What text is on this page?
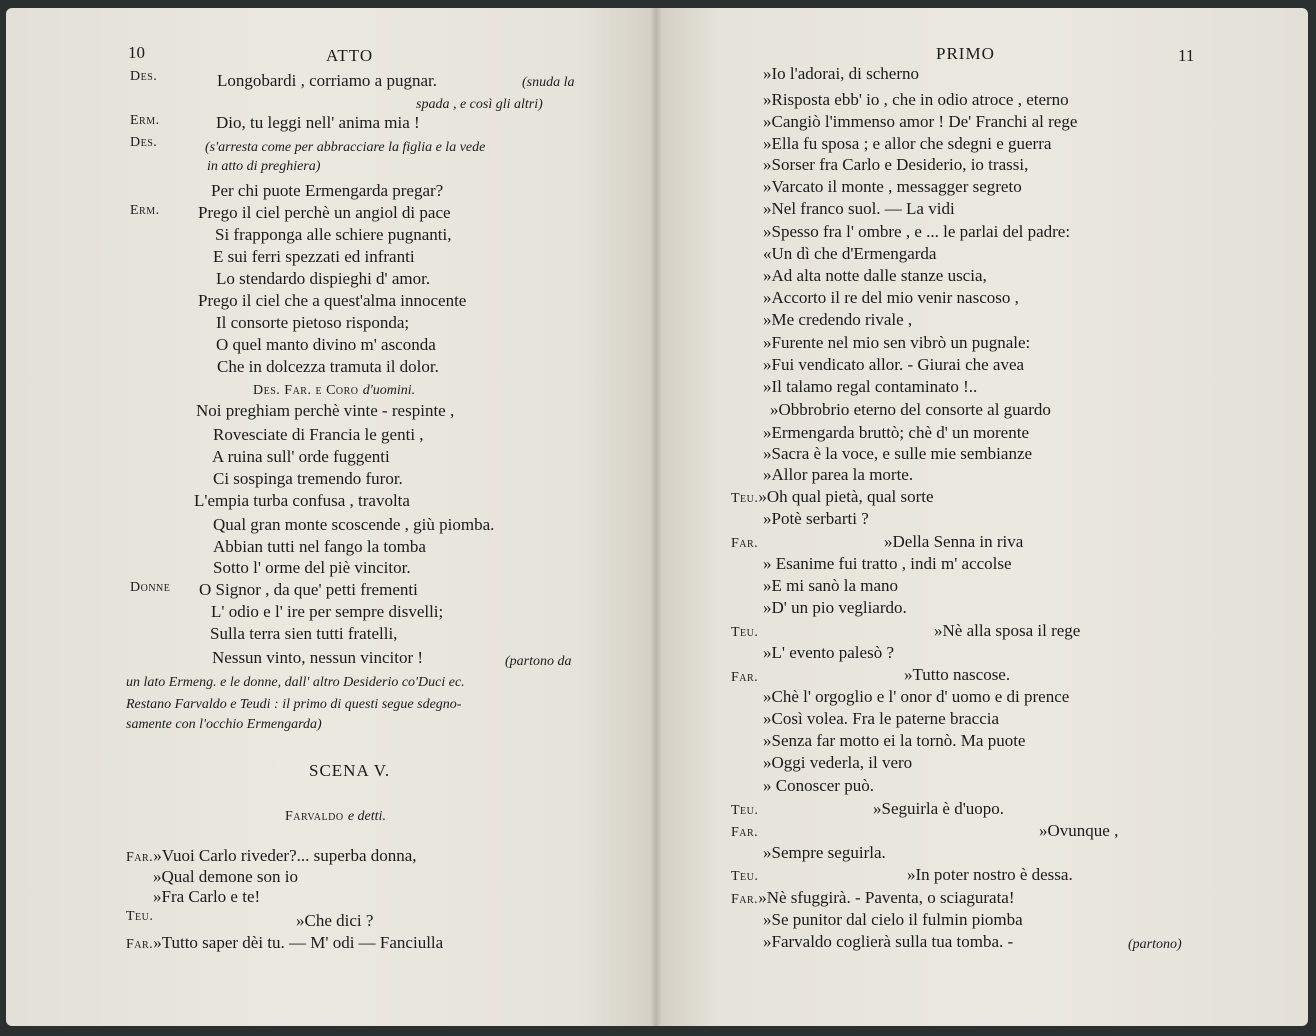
10	ATTO
Des.	Longobardi , corriamo a pugnar.	(snuda la
spada , e così gli altri)
Erm.	Dio, tu leggi nell' anima mia !
Des.	(s'arresta come per abbracciare la figlia e la vede
in atto di preghiera)
Per chi puote Ermengarda pregar?
Erm. Prego il ciel perchè un angiol di pace
Si frapponga alle schiere pugnanti,
E sui ferri spezzati ed infranti
Lo stendardo dispieghi d' amor.
Prego il ciel che a quest'alma innocente
Il consorte pietoso risponda;
O quel manto divino m' asconda
Che in dolcezza tramuta il dolor.
Des. Far. e Coro d'uomini.
Noi preghiam perchè vinte - respinte ,
Rovesciate di Francia le genti ,
A ruina sull' orde fuggenti
Ci sospinga tremendo furor.
L'empia turba confusa , travolta
Qual gran monte scoscende , giù piomba.
Abbian tutti nel fango la tomba
Sotto l' orme del piè vincitor.
Donne O Signor , da que' petti frementi
L' odio e l' ire per sempre disvelli;
Sulla terra sien tutti fratelli,
Nessun vinto, nessun vincitor !	(partono da
un lato Ermeng. e le donne, dall' altro Desiderio co'Duci ec.
Restano Farvaldo e Teudi : il primo di questi segue sdegno-
samente con l'occhio Ermengarda)
SCENA V.
Farvaldo e detti.
Far.»Vuoi Carlo riveder?... superba donna,
»Qual demone son io
»Fra Carlo e te!
Teu.	»Che dici ?
Far.»Tutto saper dèi tu. — M' odi — Fanciulla
PRIMO	11
»Io l'adorai, di scherno
»Risposta ebb' io , che in odio atroce , eterno
»Cangiò l'immenso amor ! De' Franchi al rege
»Ella fu sposa ; e allor che sdegni e guerra
»Sorser fra Carlo e Desiderio, io trassi,
»Varcato il monte , messagger segreto
»Nel franco suol. — La vidi
»Spesso fra l' ombre , e ... le parlai del padre:
«Un dì che d'Ermengarda
»Ad alta notte dalle stanze uscia,
»Accorto il re del mio venir nascoso ,
»Me credendo rivale ,
»Furente nel mio sen vibrò un pugnale:
»Fui vendicato allor. - Giurai che avea
»Il talamo regal contaminato !..
»Obbrobrio eterno del consorte al guardo
»Ermengarda bruttò; chè d' un morente
»Sacra è la voce, e sulle mie sembianze
»Allor parea la morte.
Teu.»Oh qual pietà, qual sorte
»Potè serbarti ?
Far.	»Della Senna in riva
» Esanime fui tratto , indi m' accolse
»E mi sanò la mano
»D' un pio vegliardo.
Teu.	»Nè alla sposa il rege
»L' evento palesò ?
Far.	»Tutto nascose.
»Chè l' orgoglio e l' onor d' uomo e di prence
»Così volea. Fra le paterne braccia
»Senza far motto ei la tornò. Ma puote
»Oggi vederla, il vero
» Conoscer può.
Teu.	»Seguirla è d'uopo.
Far.	»Ovunque ,
»Sempre seguirla.
Teu.	»In poter nostro è dessa.
Far.»Nè sfuggirà. - Paventa, o sciagurata!
»Se punitor dal cielo il fulmin piomba
»Farvaldo coglierà sulla tua tomba. -	(partono)
